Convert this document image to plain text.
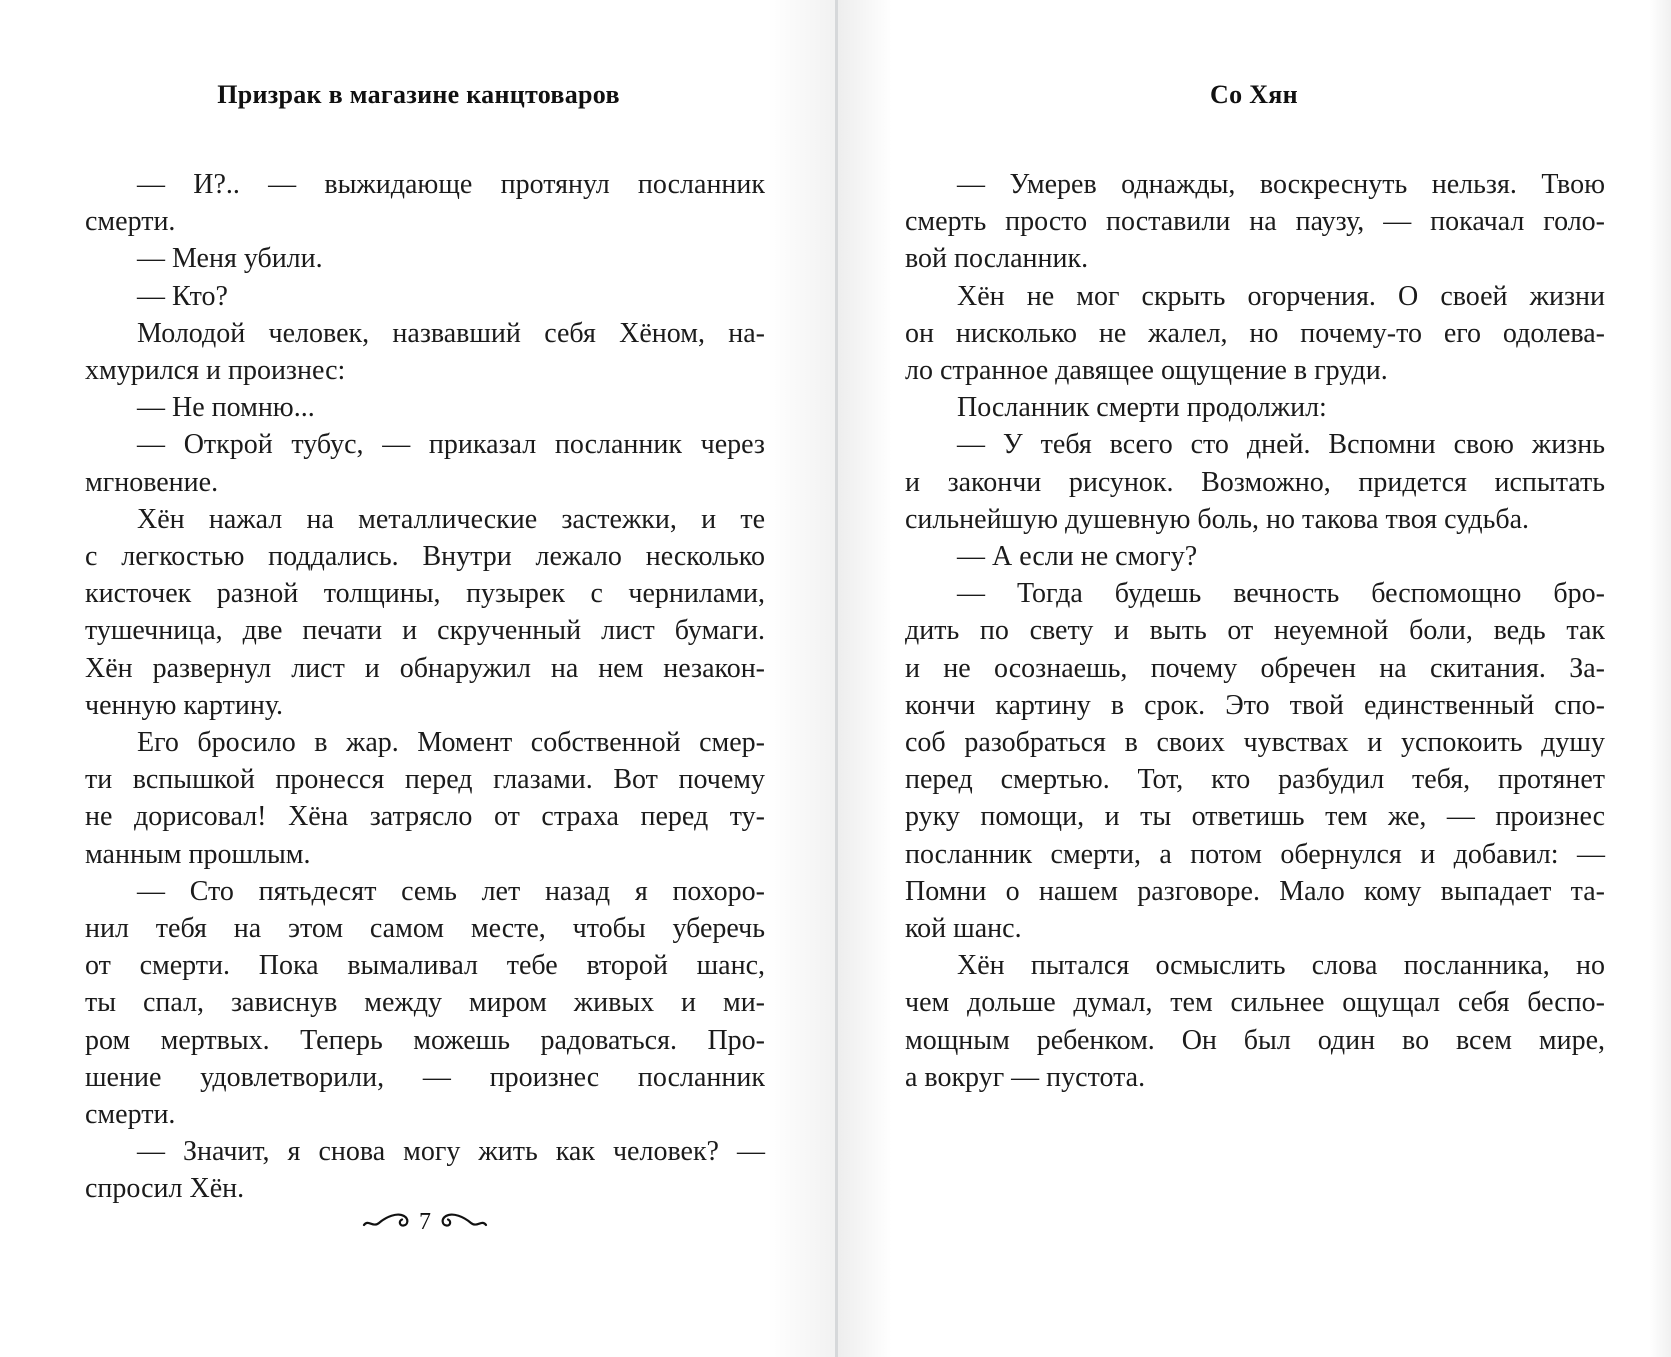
Призрак в магазине канцтоваров
— И?.. — выжидающе протянул посланник
смерти.
— Меня убили.
— Кто?
Молодой человек, назвавший себя Хёном, на-
хмурился и произнес:
— Не помню...
— Открой тубус, — приказал посланник через
мгновение.
Хён нажал на металлические застежки, и те
с легкостью поддались. Внутри лежало несколько
кисточек разной толщины, пузырек с чернилами,
тушечница, две печати и скрученный лист бумаги.
Хён развернул лист и обнаружил на нем незакон-
ченную картину.
Его бросило в жар. Момент собственной смер-
ти вспышкой пронесся перед глазами. Вот почему
не дорисовал! Хёна затрясло от страха перед ту-
манным прошлым.
— Сто пятьдесят семь лет назад я похоро-
нил тебя на этом самом месте, чтобы уберечь
от смерти. Пока вымаливал тебе второй шанс,
ты спал, зависнув между миром живых и ми-
ром мертвых. Теперь можешь радоваться. Про-
шение удовлетворили, — произнес посланник
смерти.
— Значит, я снова могу жить как человек? —
спросил Хён.
7
Со Хян
— Умерев однажды, воскреснуть нельзя. Твою
смерть просто поставили на паузу, — покачал голо-
вой посланник.
Хён не мог скрыть огорчения. О своей жизни
он нисколько не жалел, но почему-то его одолева-
ло странное давящее ощущение в груди.
Посланник смерти продолжил:
— У тебя всего сто дней. Вспомни свою жизнь
и закончи рисунок. Возможно, придется испытать
сильнейшую душевную боль, но такова твоя судьба.
— А если не смогу?
— Тогда будешь вечность беспомощно бро-
дить по свету и выть от неуемной боли, ведь так
и не осознаешь, почему обречен на скитания. За-
кончи картину в срок. Это твой единственный спо-
соб разобраться в своих чувствах и успокоить душу
перед смертью. Тот, кто разбудил тебя, протянет
руку помощи, и ты ответишь тем же, — произнес
посланник смерти, а потом обернулся и добавил: —
Помни о нашем разговоре. Мало кому выпадает та-
кой шанс.
Хён пытался осмыслить слова посланника, но
чем дольше думал, тем сильнее ощущал себя беспо-
мощным ребенком. Он был один во всем мире,
а вокруг — пустота.
